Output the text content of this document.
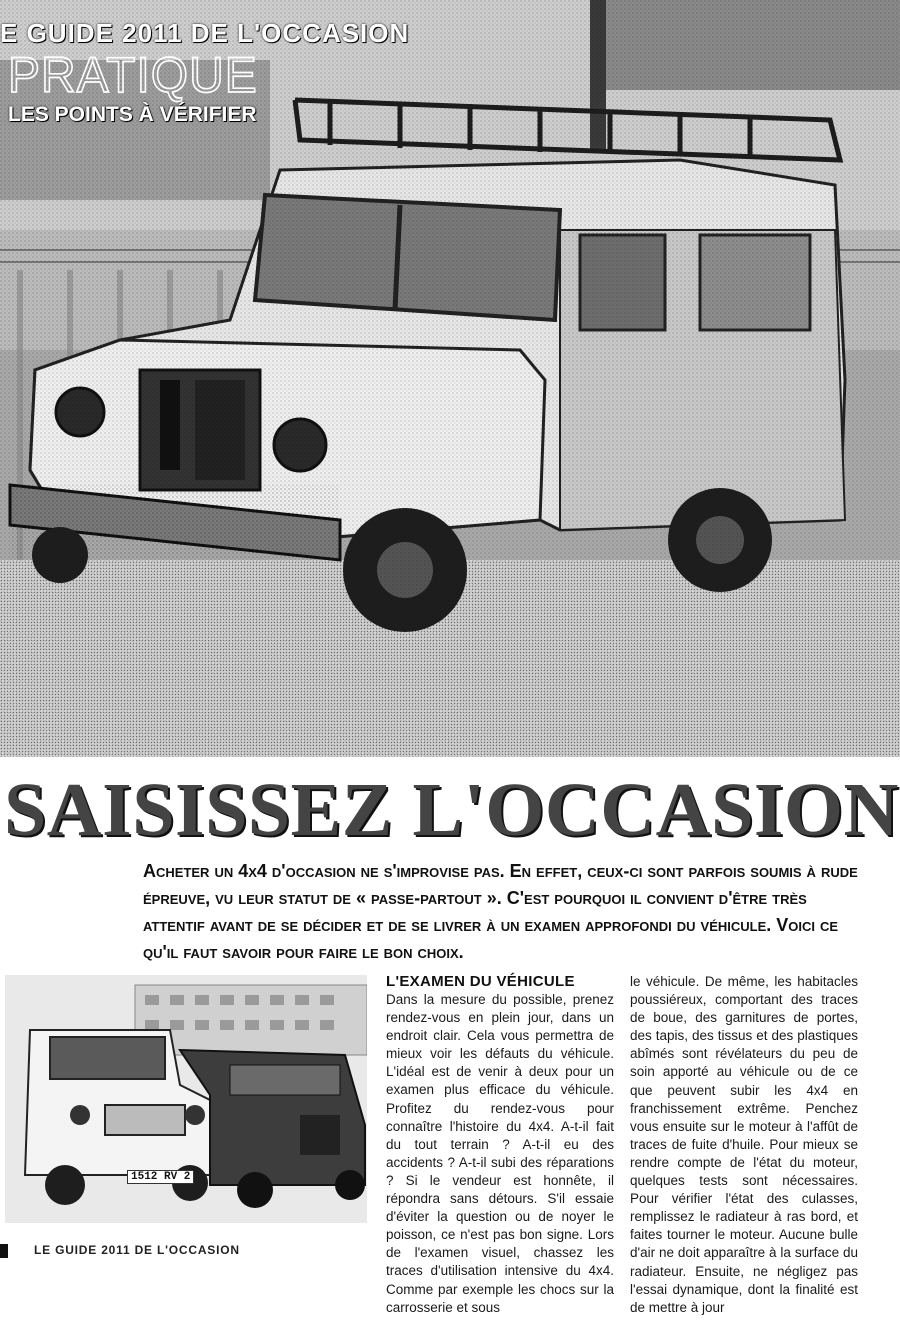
E GUIDE 2011 DE L'OCCASION
PRATIQUE
LES POINTS À VÉRIFIER
SAISISSEZ L'OCCASION

Acheter un 4x4 d'occasion ne s'improvise pas. En effet, ceux-ci sont parfois soumis à rude épreuve, vu leur statut de « passe-partout ». C'est pourquoi il convient d'être très attentif avant de se décider et de se livrer à un examen approfondi du véhicule. Voici ce qu'il faut savoir pour faire le bon choix.

1512 RV 2
L'EXAMEN DU VÉHICULE

Dans la mesure du possible, prenez rendez-vous en plein jour, dans un endroit clair. Cela vous permettra de mieux voir les défauts du véhicule. L'idéal est de venir à deux pour un examen plus efficace du véhicule. Profitez du rendez-vous pour connaître l'histoire du 4x4. A-t-il fait du tout terrain ? A-t-il eu des accidents ? A-t-il subi des réparations ? Si le vendeur est honnête, il répondra sans détours. S'il essaie d'éviter la question ou de noyer le poisson, ce n'est pas bon signe. Lors de l'examen visuel, chassez les traces d'utilisation intensive du 4x4. Comme par exemple les chocs sur la carrosserie et sous

le véhicule. De même, les habitacles poussiéreux, comportant des traces de boue, des garnitures de portes, des tapis, des tissus et des plastiques abîmés sont révélateurs du peu de soin apporté au véhicule ou de ce que peuvent subir les 4x4 en franchissement extrême. Penchez vous ensuite sur le moteur à l'affût de traces de fuite d'huile. Pour mieux se rendre compte de l'état du moteur, quelques tests sont nécessaires. Pour vérifier l'état des culasses, remplissez le radiateur à ras bord, et faites tourner le moteur. Aucune bulle d'air ne doit apparaître à la surface du radiateur. Ensuite, ne négligez pas l'essai dynamique, dont la finalité est de mettre à jour

LE GUIDE 2011 DE L'OCCASION
